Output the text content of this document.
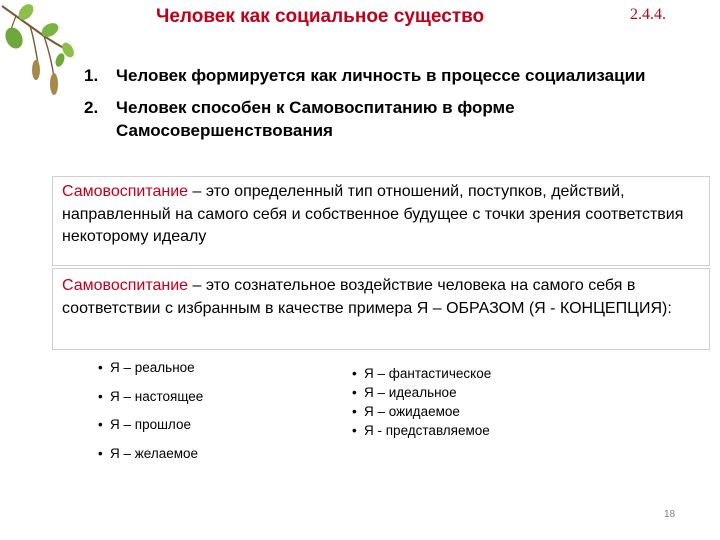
Человек как социальное существо	2.4.4.
1. Человек формируется как личность в процессе социализации
2. Человек способен к Самовоспитанию в форме Самосовершенствования
Самовоспитание – это определенный тип отношений, поступков, действий, направленный на самого себя и собственное будущее с точки зрения соответствия некоторому идеалу
Самовоспитание – это сознательное воздействие человека на самого себя в соответствии с избранным в качестве примера Я – ОБРАЗОМ (Я - КОНЦЕПЦИЯ):
• Я – реальное
• Я – настоящее
• Я – прошлое
• Я – желаемое
• Я – фантастическое
• Я – идеальное
• Я – ожидаемое
• Я - представляемое
18
